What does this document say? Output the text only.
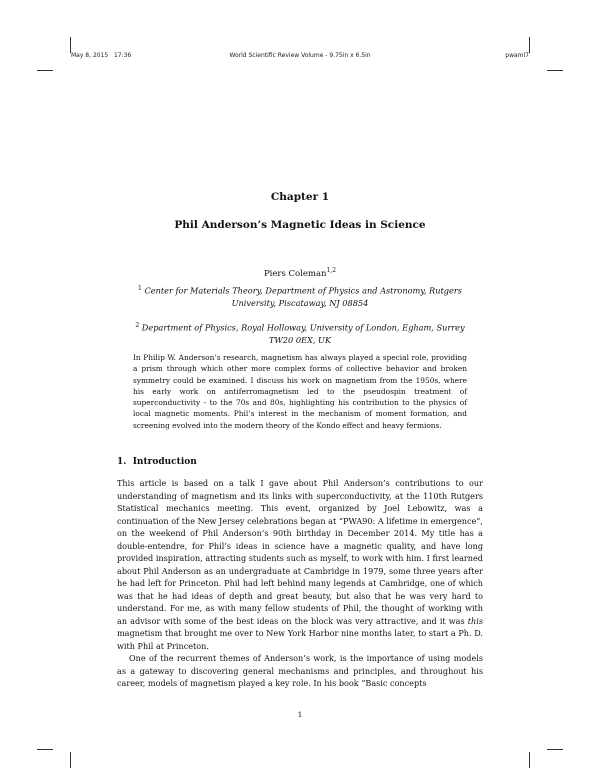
May 8, 2015 17:36	World Scientific Review Volume - 9.75in x 6.5in	pwaml7
Chapter 1
Phil Anderson’s Magnetic Ideas in Science
Piers Coleman$^{1,2}$
$^1$ Center for Materials Theory, Department of Physics and Astronomy, Rutgers
University, Piscataway, NJ 08854
$^2$ Department of Physics, Royal Holloway, University of London, Egham, Surrey
TW20 0EX, UK
In Philip W. Anderson’s research, magnetism has always played a special role, providing a prism through which other more complex forms of collective behavior and broken symmetry could be examined. I discuss his work on magnetism from the 1950s, where his early work on antiferromagnetism led to the pseudospin treatment of superconductivity - to the 70s and 80s, highlighting his contribution to the physics of local magnetic moments. Phil’s interest in the mechanism of moment formation, and screening evolved into the modern theory of the Kondo effect and heavy fermions.
1. Introduction

This article is based on a talk I gave about Phil Anderson’s contributions to our understanding of magnetism and its links with superconductivity, at the 110th Rutgers Statistical mechanics meeting. This event, organized by Joel Lebowitz, was a continuation of the New Jersey celebrations began at “PWA90: A lifetime in emergence”, on the weekend of Phil Anderson’s 90th birthday in December 2014. My title has a double-entendre, for Phil’s ideas in science have a magnetic quality, and have long provided inspiration, attracting students such as myself, to work with him. I first learned about Phil Anderson as an undergraduate at Cambridge in 1979, some three years after he had left for Princeton. Phil had left behind many legends at Cambridge, one of which was that he had ideas of depth and great beauty, but also that he was very hard to understand. For me, as with many fellow students of Phil, the thought of working with an advisor with some of the best ideas on the block was very attractive, and it was this magnetism that brought me over to New York Harbor nine months later, to start a Ph. D. with Phil at Princeton.

One of the recurrent themes of Anderson’s work, is the importance of using models as a gateway to discovering general mechanisms and principles, and throughout his career, models of magnetism played a key role. In his book “Basic concepts

1
